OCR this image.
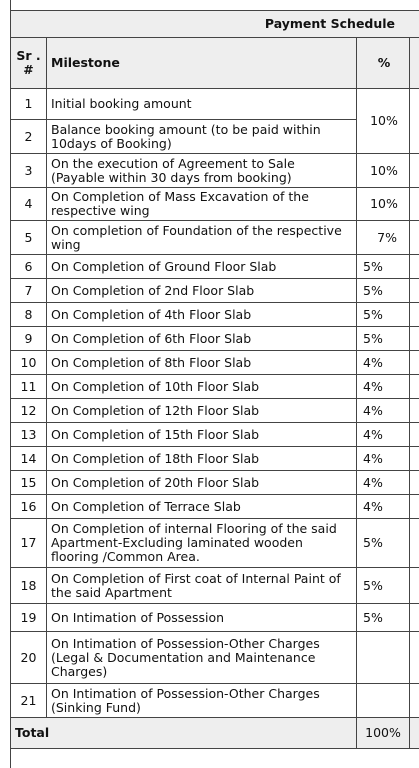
Payment Schedule			
Sr . #	Milestone	%	
1	Initial booking amount	10%	
2	Balance booking amount (to be paid within 10days of Booking)		
3	On the execution of Agreement to Sale (Payable within 30 days from booking)	10%	
4	On Completion of Mass Excavation of the respective wing	10%	
5	On completion of Foundation of the respective wing	7%	
6	On Completion of Ground Floor Slab	5%	
7	On Completion of 2nd Floor Slab	5%	
8	On Completion of 4th Floor Slab	5%	
9	On Completion of 6th Floor Slab	5%	
10	On Completion of 8th Floor Slab	4%	
11	On Completion of 10th Floor Slab	4%	
12	On Completion of 12th Floor Slab	4%	
13	On Completion of 15th Floor Slab	4%	
14	On Completion of 18th Floor Slab	4%	
15	On Completion of 20th Floor Slab	4%	
16	On Completion of Terrace Slab	4%	
17	On Completion of internal Flooring of the said Apartment-Excluding laminated wooden flooring /Common Area.	5%	
18	On Completion of First coat of Internal Paint of the said Apartment	5%	
19	On Intimation of Possession	5%	
20	On Intimation of Possession-Other Charges (Legal & Documentation and Maintenance Charges)		
21	On Intimation of Possession-Other Charges (Sinking Fund)		
Total		100%	
